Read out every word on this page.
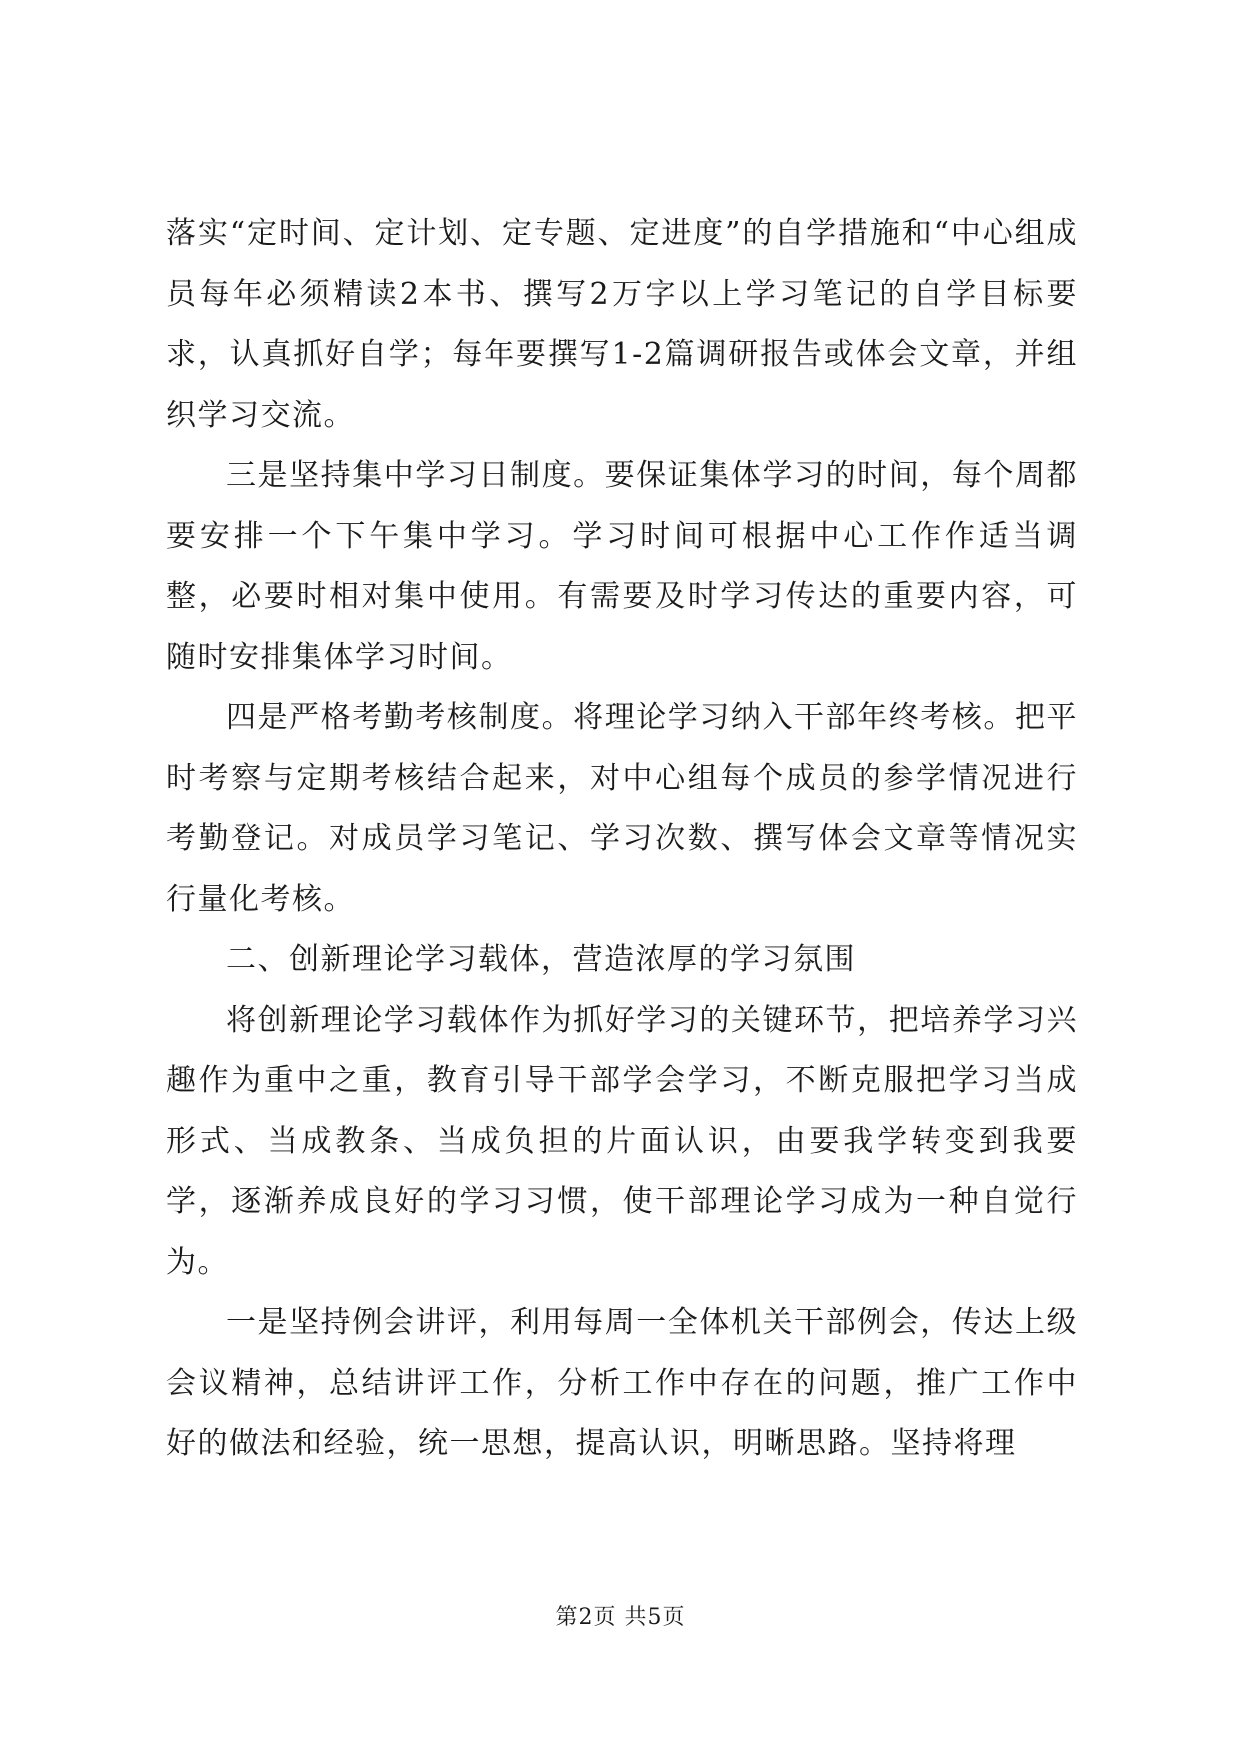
落实“定时间、定计划、定专题、定进度”的自学措施和“中心组成员每年必须精读2本书、撰写2万字以上学习笔记的自学目标要求，认真抓好自学；每年要撰写1-2篇调研报告或体会文章，并组织学习交流。

三是坚持集中学习日制度。要保证集体学习的时间，每个周都要安排一个下午集中学习。学习时间可根据中心工作作适当调整，必要时相对集中使用。有需要及时学习传达的重要内容，可随时安排集体学习时间。

四是严格考勤考核制度。将理论学习纳入干部年终考核。把平时考察与定期考核结合起来，对中心组每个成员的参学情况进行考勤登记。对成员学习笔记、学习次数、撰写体会文章等情况实行量化考核。

二、创新理论学习载体，营造浓厚的学习氛围

将创新理论学习载体作为抓好学习的关键环节，把培养学习兴趣作为重中之重，教育引导干部学会学习，不断克服把学习当成形式、当成教条、当成负担的片面认识，由要我学转变到我要学，逐渐养成良好的学习习惯，使干部理论学习成为一种自觉行为。

一是坚持例会讲评，利用每周一全体机关干部例会，传达上级会议精神，总结讲评工作，分析工作中存在的问题，推广工作中好的做法和经验，统一思想，提高认识，明晰思路。坚持将理

第2页 共5页
